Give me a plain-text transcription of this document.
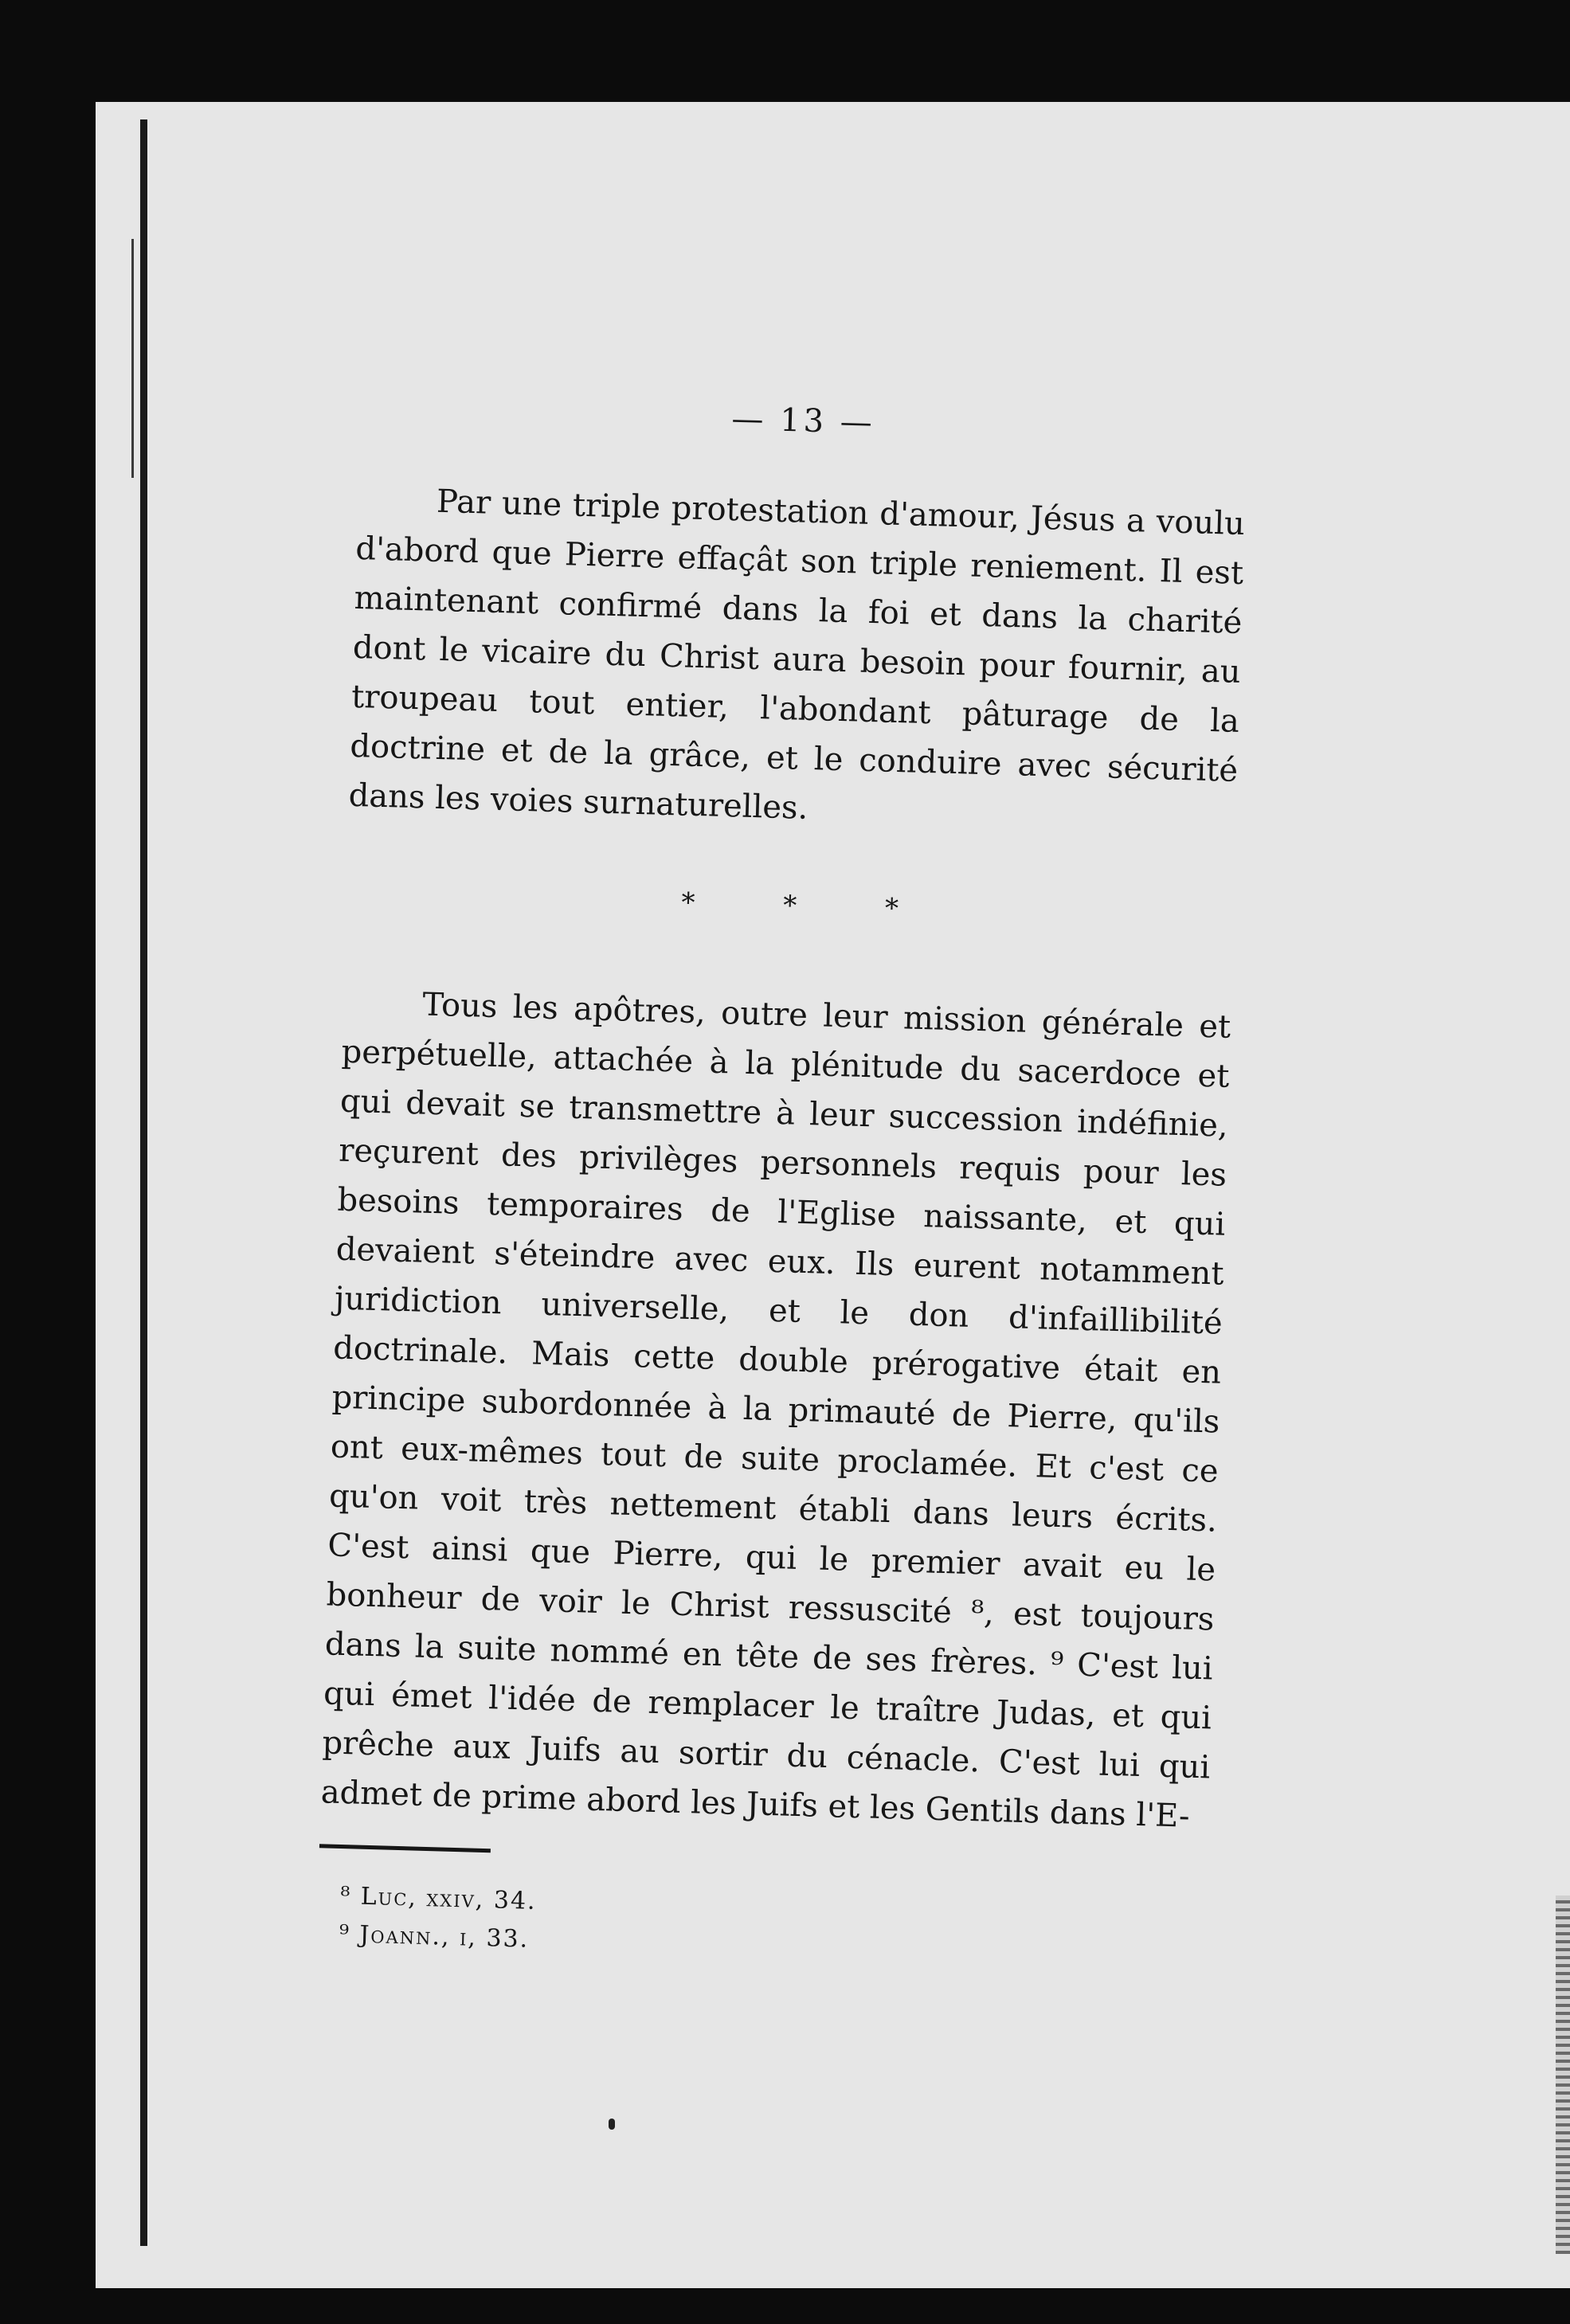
— 13 —

Par une triple protestation d'amour, Jésus a voulu d'abord que Pierre effaçât son triple reniement. Il est maintenant confirmé dans la foi et dans la charité dont le vicaire du Christ aura besoin pour fournir, au troupeau tout entier, l'abondant pâturage de la doctrine et de la grâce, et le conduire avec sécurité dans les voies surnaturelles.

* * *

Tous les apôtres, outre leur mission générale et perpétuelle, attachée à la plénitude du sacerdoce et qui devait se transmettre à leur succession indéfinie, reçurent des privilèges personnels requis pour les besoins temporaires de l'Eglise naissante, et qui devaient s'éteindre avec eux. Ils eurent notamment juridiction universelle, et le don d'infaillibilité doctrinale. Mais cette double prérogative était en principe subordonnée à la primauté de Pierre, qu'ils ont eux-mêmes tout de suite proclamée. Et c'est ce qu'on voit très nettement établi dans leurs écrits. C'est ainsi que Pierre, qui le premier avait eu le bonheur de voir le Christ ressuscité ⁸, est toujours dans la suite nommé en tête de ses frères. ⁹ C'est lui qui émet l'idée de remplacer le traître Judas, et qui prêche aux Juifs au sortir du cénacle. C'est lui qui admet de prime abord les Juifs et les Gentils dans l'E-

⁸ Luc, xxiv, 34.

⁹ Joann., i, 33.
